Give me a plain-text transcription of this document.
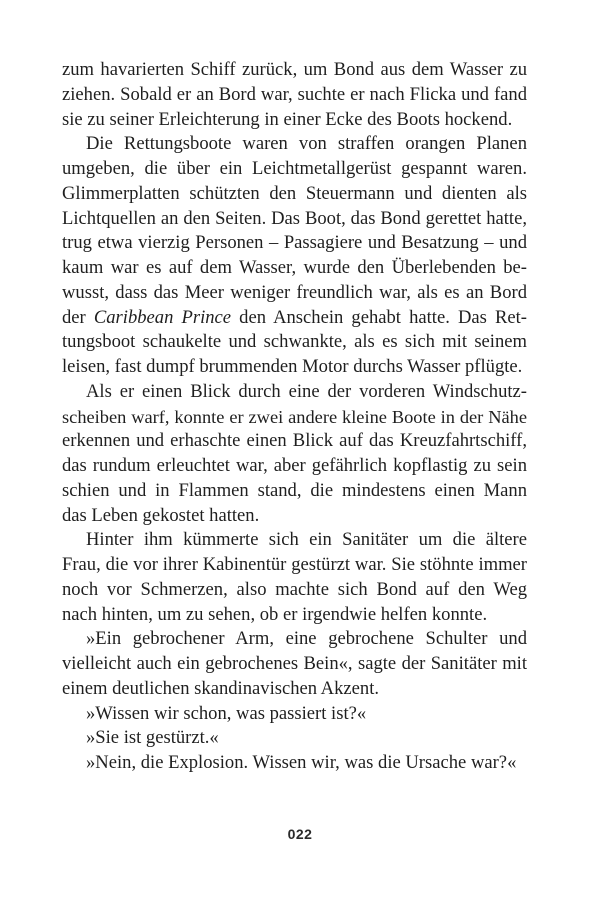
zum havarierten Schiff zurück, um Bond aus dem Wasser zu
ziehen. Sobald er an Bord war, suchte er nach Flicka und fand
sie zu seiner Erleichterung in einer Ecke des Boots hockend.
Die Rettungsboote waren von straffen orangen Planen
umgeben, die über ein Leichtmetallgerüst gespannt waren.
Glimmerplatten schützten den Steuermann und dienten als
Lichtquellen an den Seiten. Das Boot, das Bond gerettet hatte,
trug etwa vierzig Personen – Passagiere und Besatzung – und
kaum war es auf dem Wasser, wurde den Überlebenden be-
wusst, dass das Meer weniger freundlich war, als es an Bord
der Caribbean Prince den Anschein gehabt hatte. Das Ret-
tungsboot schaukelte und schwankte, als es sich mit seinem
leisen, fast dumpf brummenden Motor durchs Wasser pflügte.
Als er einen Blick durch eine der vorderen Windschutz-
scheiben warf, konnte er zwei andere kleine Boote in der Nähe
erkennen und erhaschte einen Blick auf das Kreuzfahrtschiff,
das rundum erleuchtet war, aber gefährlich kopflastig zu sein
schien und in Flammen stand, die mindestens einen Mann
das Leben gekostet hatten.
Hinter ihm kümmerte sich ein Sanitäter um die ältere
Frau, die vor ihrer Kabinentür gestürzt war. Sie stöhnte immer
noch vor Schmerzen, also machte sich Bond auf den Weg
nach hinten, um zu sehen, ob er irgendwie helfen konnte.
»Ein gebrochener Arm, eine gebrochene Schulter und
vielleicht auch ein gebrochenes Bein«, sagte der Sanitäter mit
einem deutlichen skandinavischen Akzent.
»Wissen wir schon, was passiert ist?«
»Sie ist gestürzt.«
»Nein, die Explosion. Wissen wir, was die Ursache war?«
022
